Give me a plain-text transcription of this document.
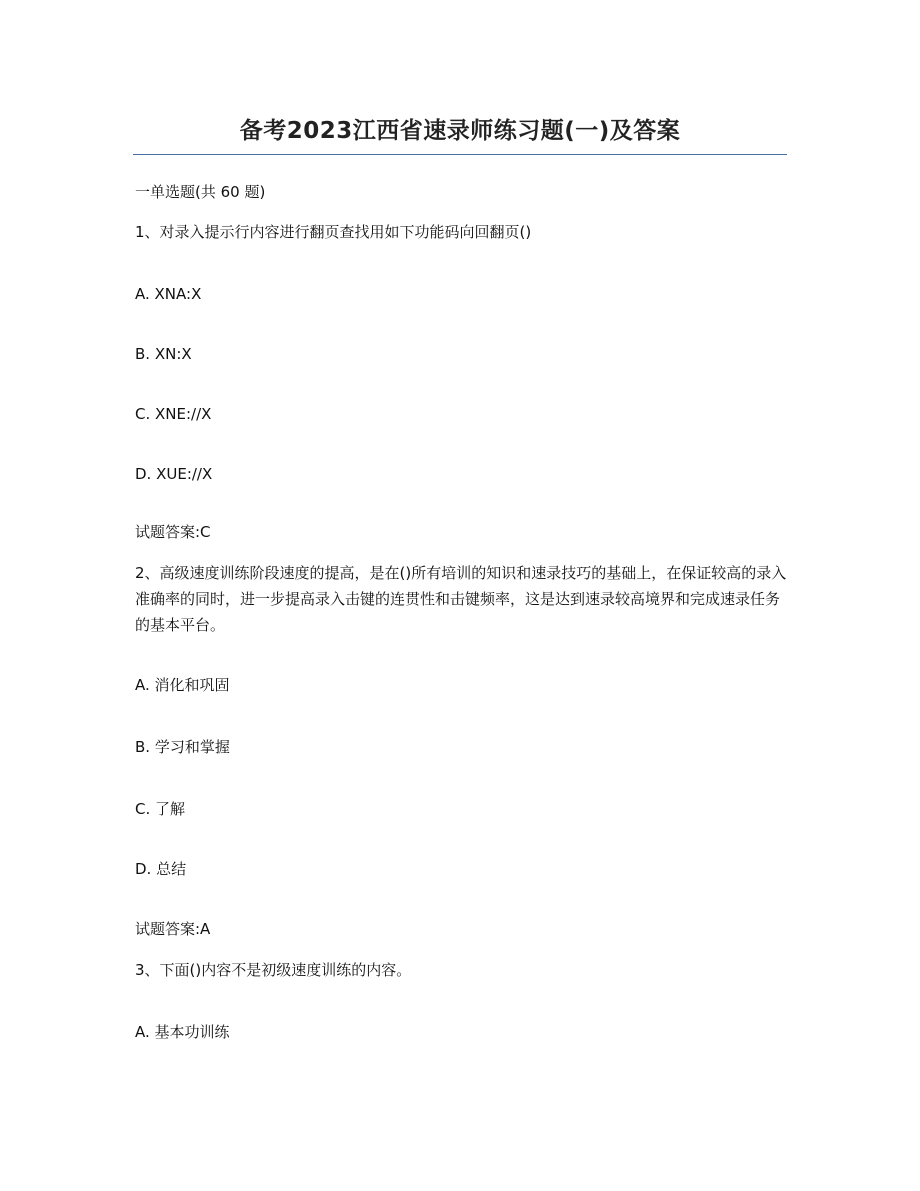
备考2023江西省速录师练习题(一)及答案
一单选题(共 60 题)
1、对录入提示行内容进行翻页查找用如下功能码向回翻页()
A. XNA:X
B. XN:X
C. XNE://X
D. XUE://X
试题答案:C
2、高级速度训练阶段速度的提高，是在()所有培训的知识和速录技巧的基础上，在保证较高的录入准确率的同时，进一步提高录入击键的连贯性和击键频率，这是达到速录较高境界和完成速录任务的基本平台。
A. 消化和巩固
B. 学习和掌握
C. 了解
D. 总结
试题答案:A
3、下面()内容不是初级速度训练的内容。
A. 基本功训练
